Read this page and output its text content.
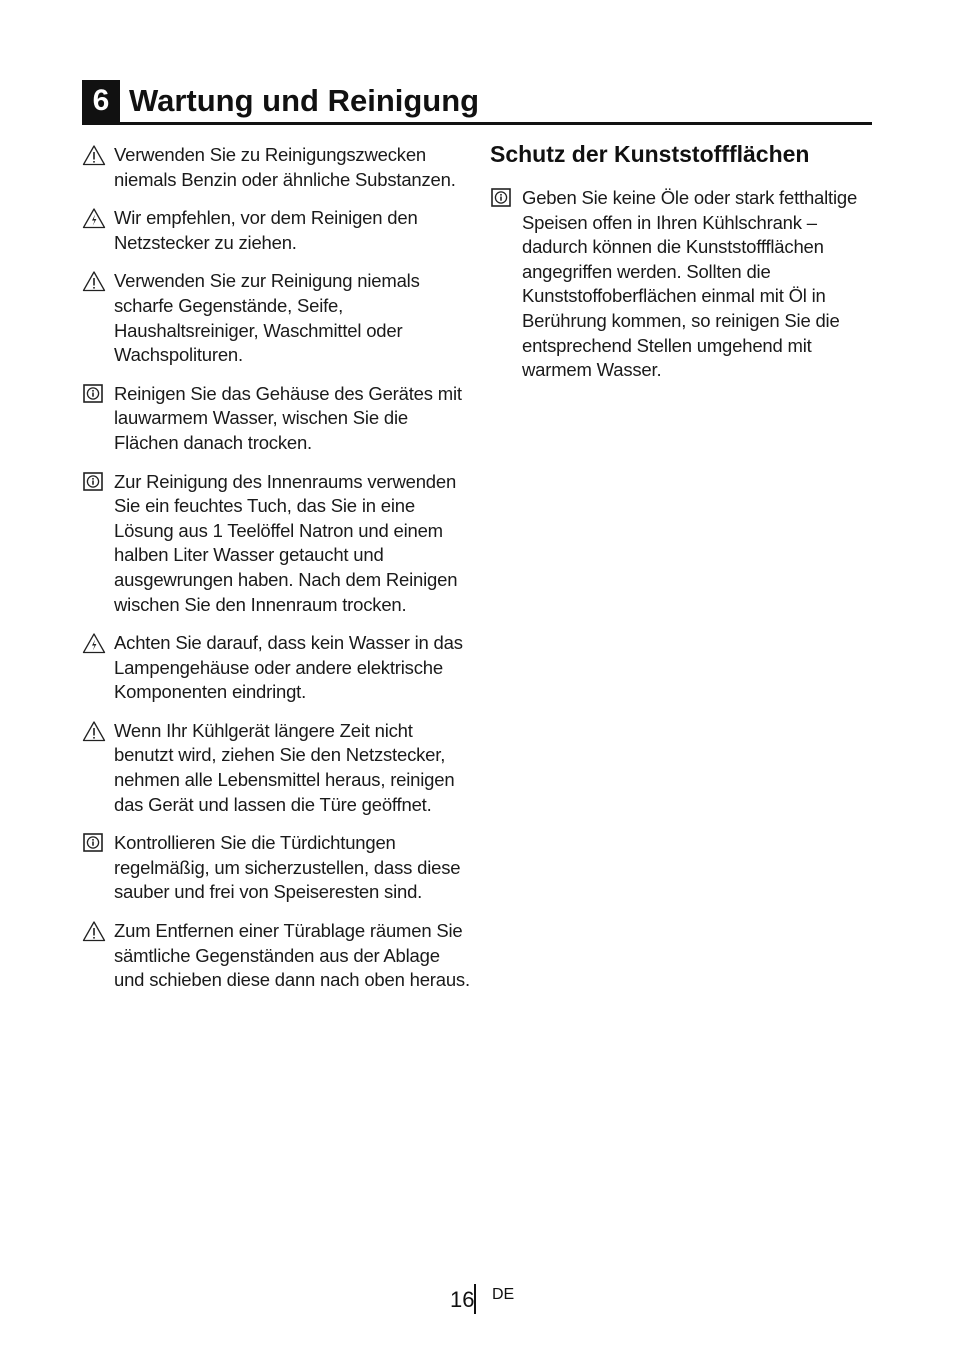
6 Wartung und Reinigung
Verwenden Sie zu Reinigungszwecken niemals Benzin oder ähnliche Substanzen.
Wir empfehlen, vor dem Reinigen den Netzstecker zu ziehen.
Verwenden Sie zur Reinigung niemals scharfe Gegenstände, Seife, Haushaltsreiniger, Waschmittel oder Wachspolituren.
Reinigen Sie das Gehäuse des Gerätes mit lauwarmem Wasser, wischen Sie die Flächen danach trocken.
Zur Reinigung des Innenraums verwenden Sie ein feuchtes Tuch, das Sie in eine Lösung aus 1 Teelöffel Natron und einem halben Liter Wasser getaucht und ausgewrungen haben. Nach dem Reinigen wischen Sie den Innenraum trocken.
Achten Sie darauf, dass kein Wasser in das Lampengehäuse oder andere elektrische Komponenten eindringt.
Wenn Ihr Kühlgerät längere Zeit nicht benutzt wird, ziehen Sie den Netzstecker, nehmen alle Lebensmittel heraus, reinigen das Gerät und lassen die Türe geöffnet.
Kontrollieren Sie die Türdichtungen regelmäßig, um sicherzustellen, dass diese sauber und frei von Speiseresten sind.
Zum Entfernen einer Türablage räumen Sie sämtliche Gegenständen aus der Ablage und schieben diese dann nach oben heraus.
Schutz der Kunststoffflächen
Geben Sie keine Öle oder stark fetthaltige Speisen offen in Ihren Kühlschrank – dadurch können die Kunststoffflächen angegriffen werden. Sollten die Kunststoffoberflächen einmal mit Öl in Berührung kommen, so reinigen Sie die entsprechend Stellen umgehend mit warmem Wasser.
16 DE
